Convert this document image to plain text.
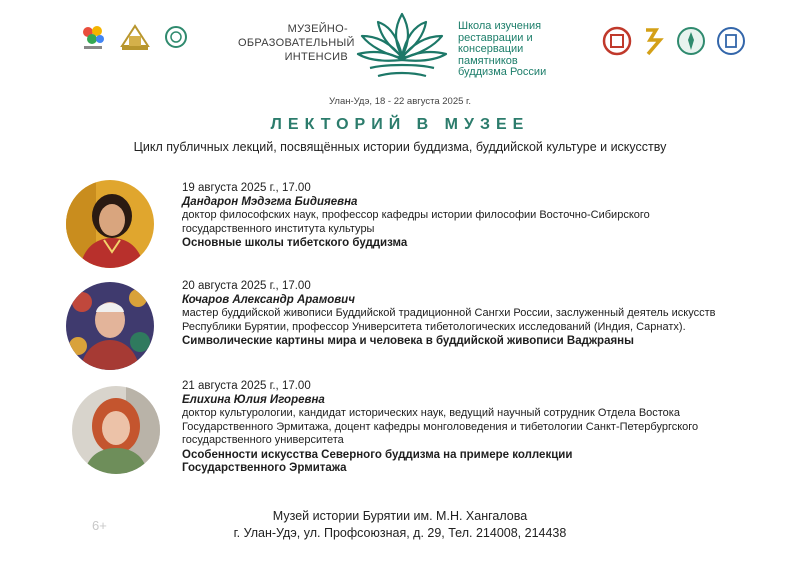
МУЗЕЙНО-
ОБРАЗОВАТЕЛЬНЫЙ
ИНТЕНСИВ
Школа изучения
реставрации и
консервации
памятников
буддизма России
Улан-Удэ, 18 - 22 августа 2025 г.
ЛЕКТОРИЙ В МУЗЕЕ
Цикл публичных лекций, посвящённых истории буддизма, буддийской культуре и искусству
19 августа 2025 г., 17.00
Дандарон Мэдэгма Бидияевна
доктор философских наук, профессор кафедры истории философии Восточно-Сибирского государственного института культуры
Основные школы тибетского буддизма
20 августа 2025 г., 17.00
Кочаров Александр Арамович
мастер буддийской живописи Буддийской традиционной Сангхи России, заслуженный деятель искусств Республики Бурятии, профессор Университета тибетологических исследований (Индия, Сарнатх).
Символические картины мира и человека в буддийской живописи Ваджраяны
21 августа 2025 г., 17.00
Елихина Юлия Игоревна
доктор культурологии, кандидат исторических наук, ведущий научный сотрудник Отдела Востока Государственного Эрмитажа, доцент кафедры монголоведения и тибетологии Санкт-Петербургского государственного университета
Особенности искусства Северного буддизма на примере коллекции Государственного Эрмитажа
6+
Музей истории Бурятии им. М.Н. Хангалова
г. Улан-Удэ, ул. Профсоюзная, д. 29, Тел. 214008, 214438
